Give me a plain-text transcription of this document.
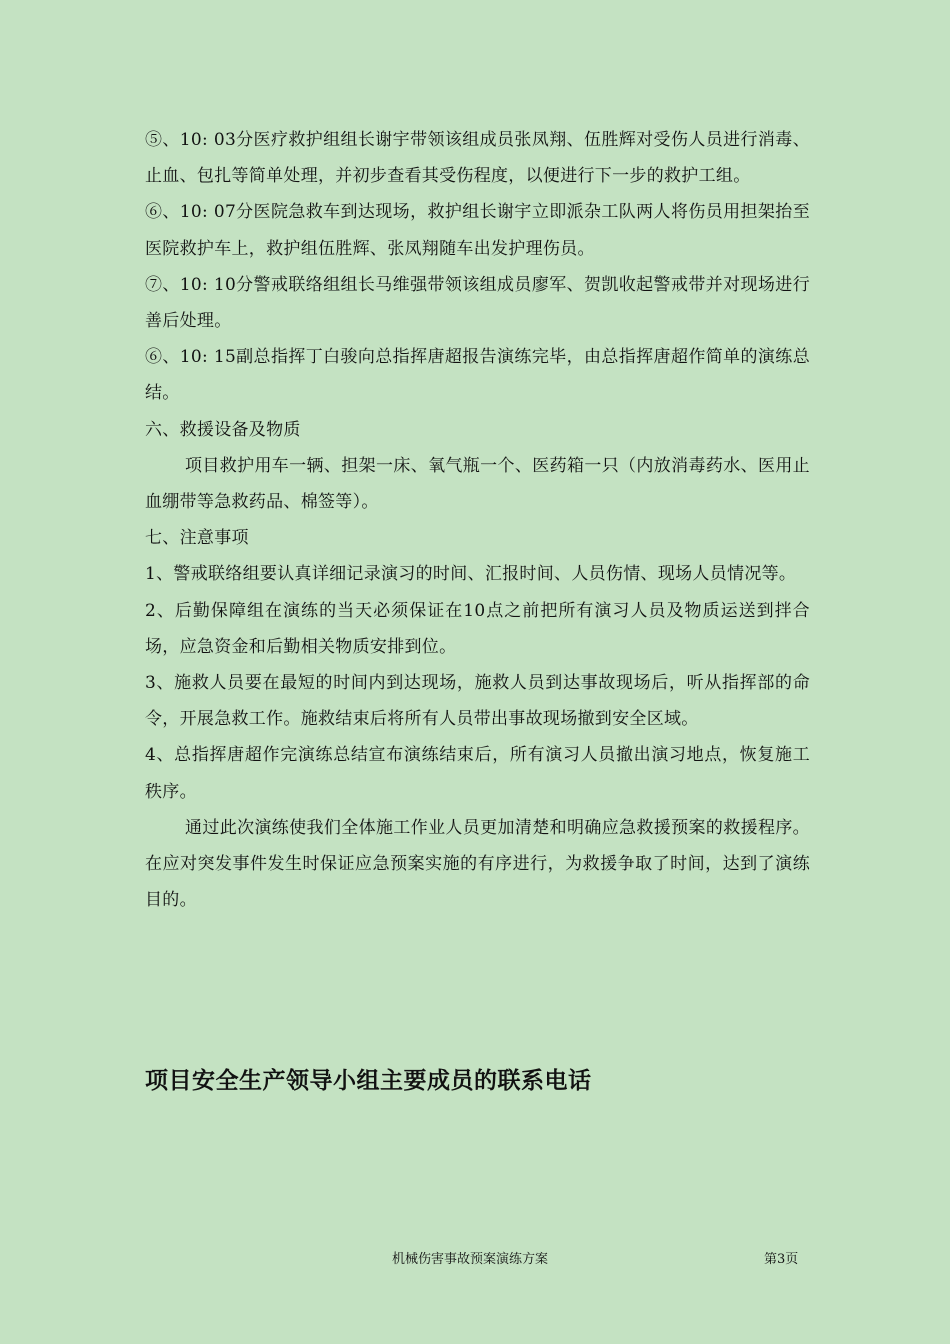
⑤、10: 03分医疗救护组组长谢宇带领该组成员张凤翔、伍胜辉对受伤人员进行消毒、止血、包扎等简单处理，并初步查看其受伤程度，以便进行下一步的救护工组。

⑥、10: 07分医院急救车到达现场，救护组长谢宇立即派杂工队两人将伤员用担架抬至医院救护车上，救护组伍胜辉、张凤翔随车出发护理伤员。

⑦、10: 10分警戒联络组组长马维强带领该组成员廖军、贺凯收起警戒带并对现场进行善后处理。

⑥、10: 15副总指挥丁白骏向总指挥唐超报告演练完毕，由总指挥唐超作简单的演练总结。

六、救援设备及物质

项目救护用车一辆、担架一床、氧气瓶一个、医药箱一只（内放消毒药水、医用止血绷带等急救药品、棉签等）。

七、注意事项

1、警戒联络组要认真详细记录演习的时间、汇报时间、人员伤情、现场人员情况等。

2、后勤保障组在演练的当天必须保证在10点之前把所有演习人员及物质运送到拌合场，应急资金和后勤相关物质安排到位。

3、施救人员要在最短的时间内到达现场，施救人员到达事故现场后，听从指挥部的命令，开展急救工作。施救结束后将所有人员带出事故现场撤到安全区域。

4、总指挥唐超作完演练总结宣布演练结束后，所有演习人员撤出演习地点，恢复施工秩序。

通过此次演练使我们全体施工作业人员更加清楚和明确应急救援预案的救援程序。在应对突发事件发生时保证应急预案实施的有序进行，为救援争取了时间，达到了演练目的。

项目安全生产领导小组主要成员的联系电话
机械伤害事故预案演练方案	第3页
